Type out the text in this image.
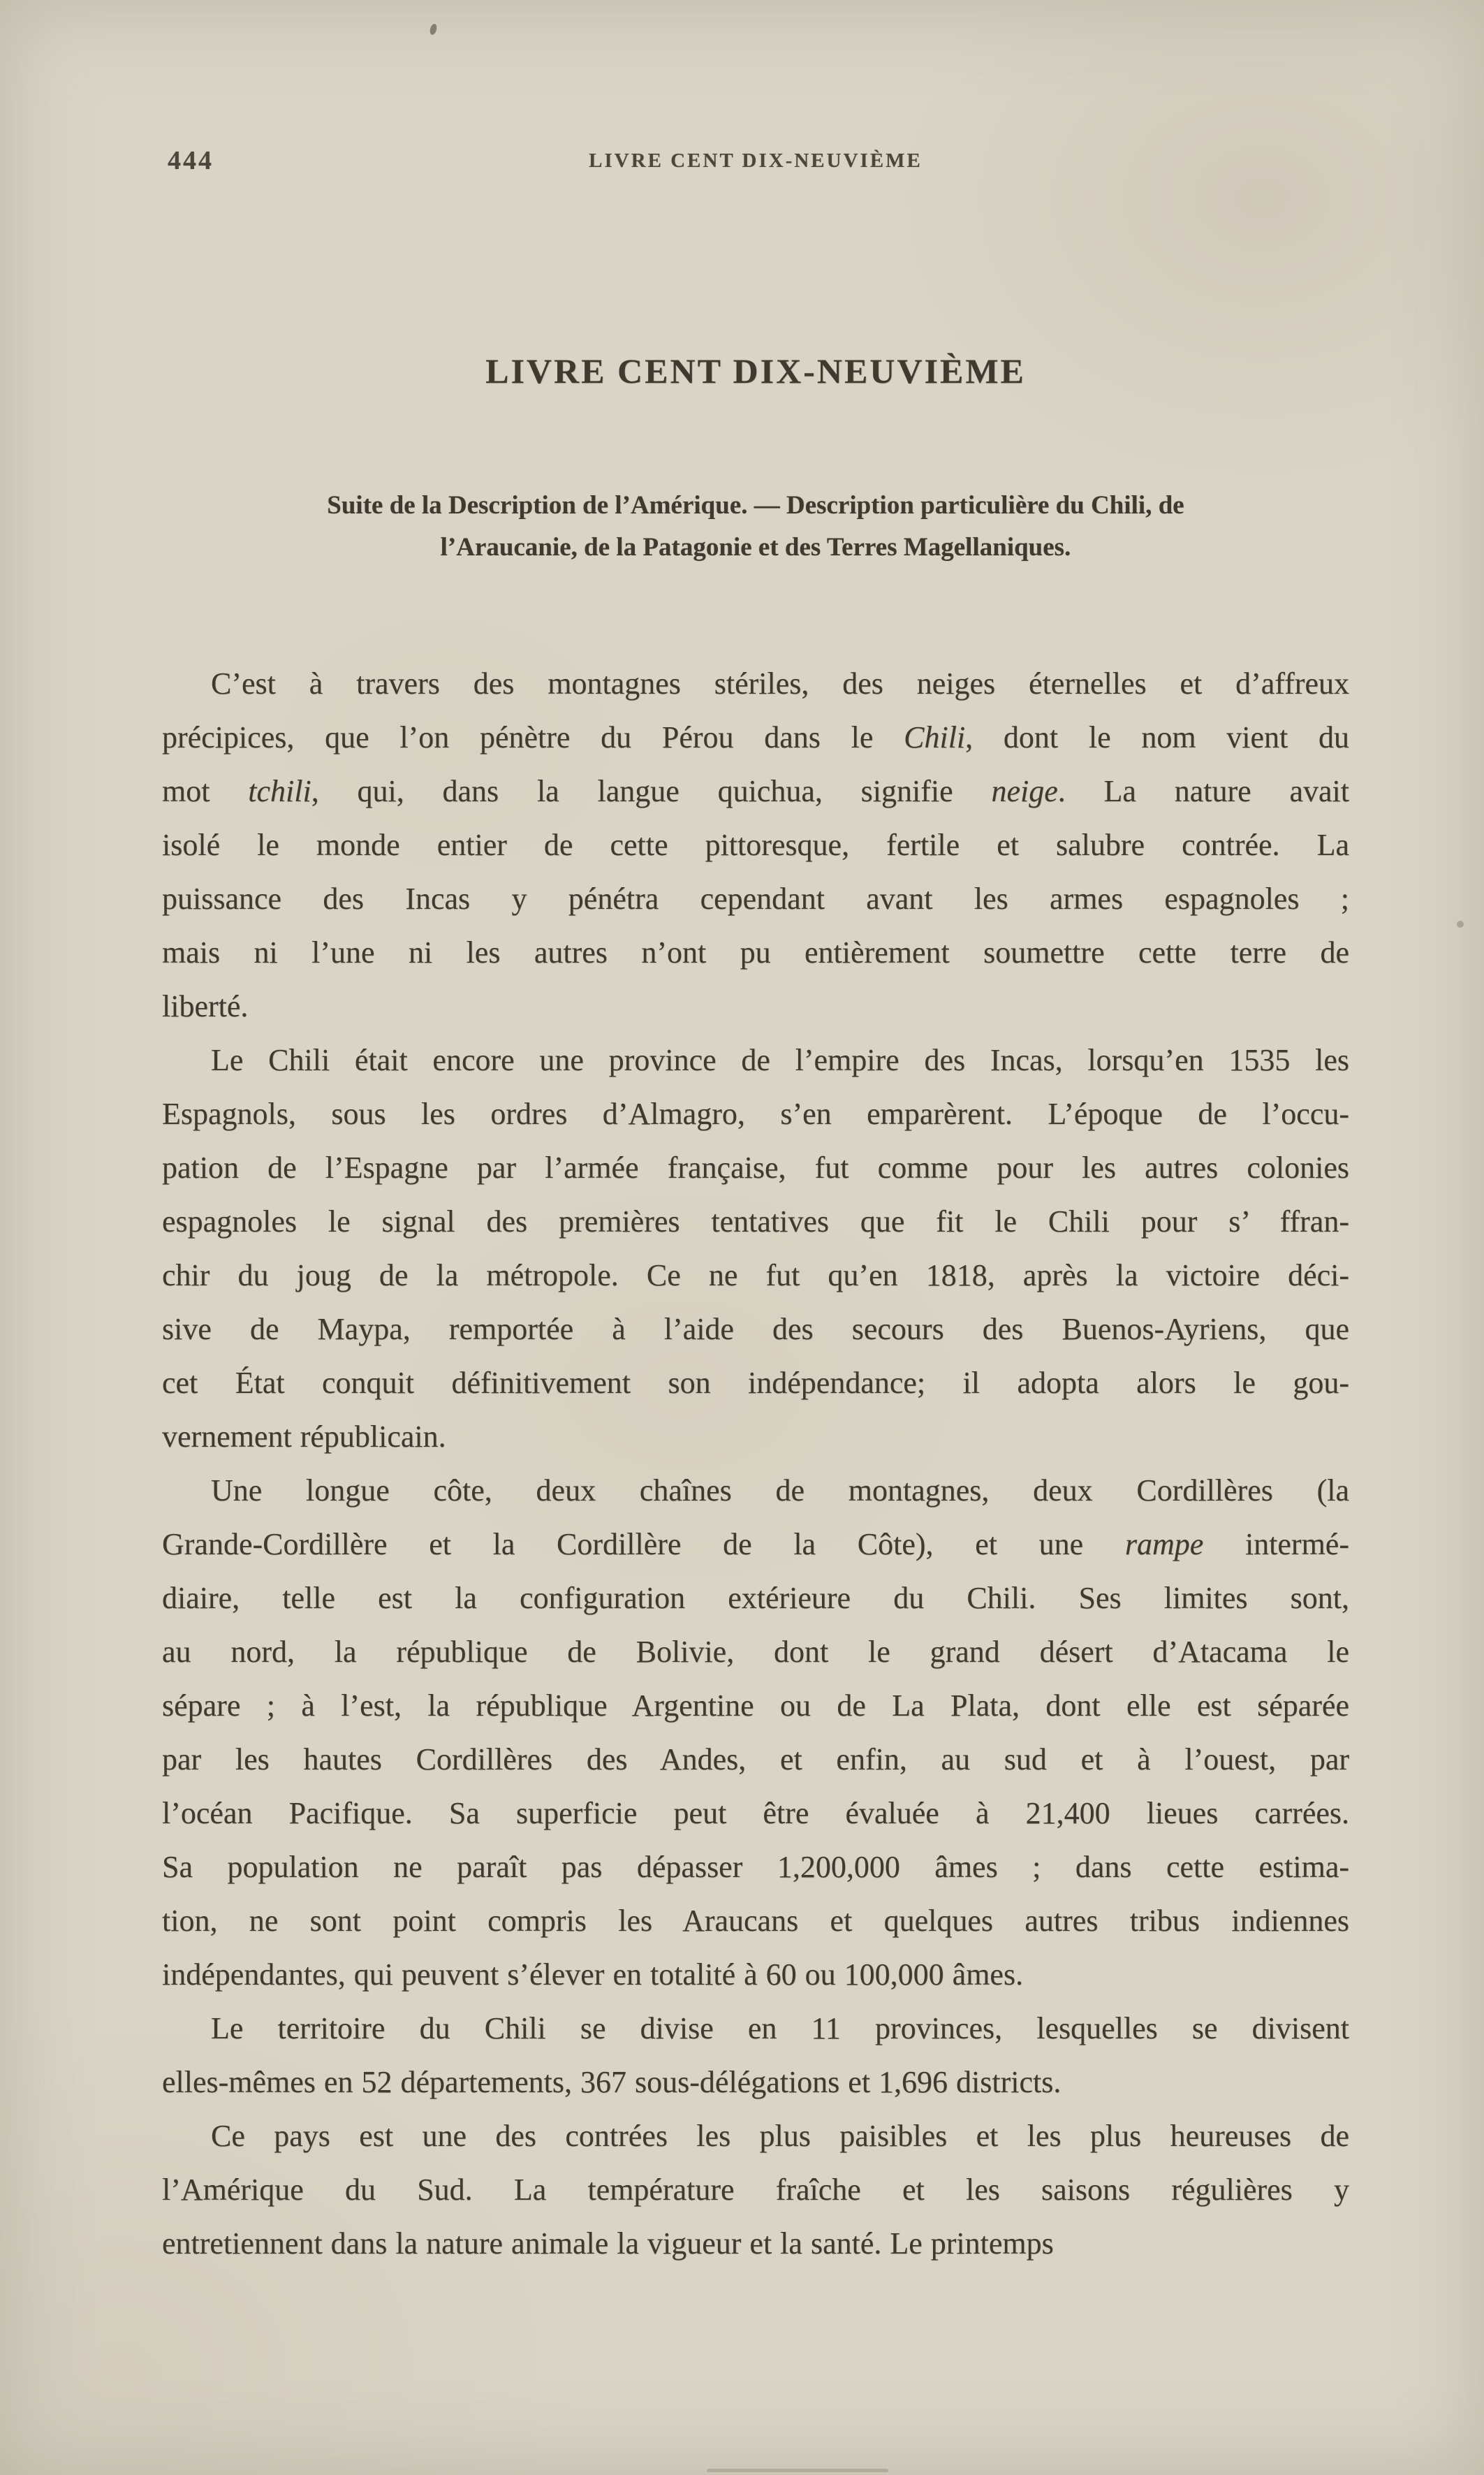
444	LIVRE CENT DIX-NEUVIÈME
LIVRE CENT DIX-NEUVIÈME
Suite de la Description de l’Amérique. — Description particulière du Chili, de
l’Araucanie, de la Patagonie et des Terres Magellaniques.
C’est à travers des montagnes stériles, des neiges éternelles et d’affreux
précipices, que l’on pénètre du Pérou dans le Chili, dont le nom vient du
mot tchili, qui, dans la langue quichua, signifie neige. La nature avait
isolé le monde entier de cette pittoresque, fertile et salubre contrée. La
puissance des Incas y pénétra cependant avant les armes espagnoles ;
mais ni l’une ni les autres n’ont pu entièrement soumettre cette terre de
liberté.
Le Chili était encore une province de l’empire des Incas, lorsqu’en 1535 les
Espagnols, sous les ordres d’Almagro, s’en emparèrent. L’époque de l’occu-
pation de l’Espagne par l’armée française, fut comme pour les autres colonies
espagnoles le signal des premières tentatives que fit le Chili pour s’ ffran-
chir du joug de la métropole. Ce ne fut qu’en 1818, après la victoire déci-
sive de Maypa, remportée à l’aide des secours des Buenos-Ayriens, que
cet État conquit définitivement son indépendance; il adopta alors le gou-
vernement républicain.
Une longue côte, deux chaînes de montagnes, deux Cordillères (la
Grande-Cordillère et la Cordillère de la Côte), et une rampe intermé-
diaire, telle est la configuration extérieure du Chili. Ses limites sont,
au nord, la république de Bolivie, dont le grand désert d’Atacama le
sépare ; à l’est, la république Argentine ou de La Plata, dont elle est séparée
par les hautes Cordillères des Andes, et enfin, au sud et à l’ouest, par
l’océan Pacifique. Sa superficie peut être évaluée à 21,400 lieues carrées.
Sa population ne paraît pas dépasser 1,200,000 âmes ; dans cette estima-
tion, ne sont point compris les Araucans et quelques autres tribus indiennes
indépendantes, qui peuvent s’élever en totalité à 60 ou 100,000 âmes.
Le territoire du Chili se divise en 11 provinces, lesquelles se divisent
elles-mêmes en 52 départements, 367 sous-délégations et 1,696 districts.
Ce pays est une des contrées les plus paisibles et les plus heureuses de
l’Amérique du Sud. La température fraîche et les saisons régulières y
entretiennent dans la nature animale la vigueur et la santé. Le printemps
